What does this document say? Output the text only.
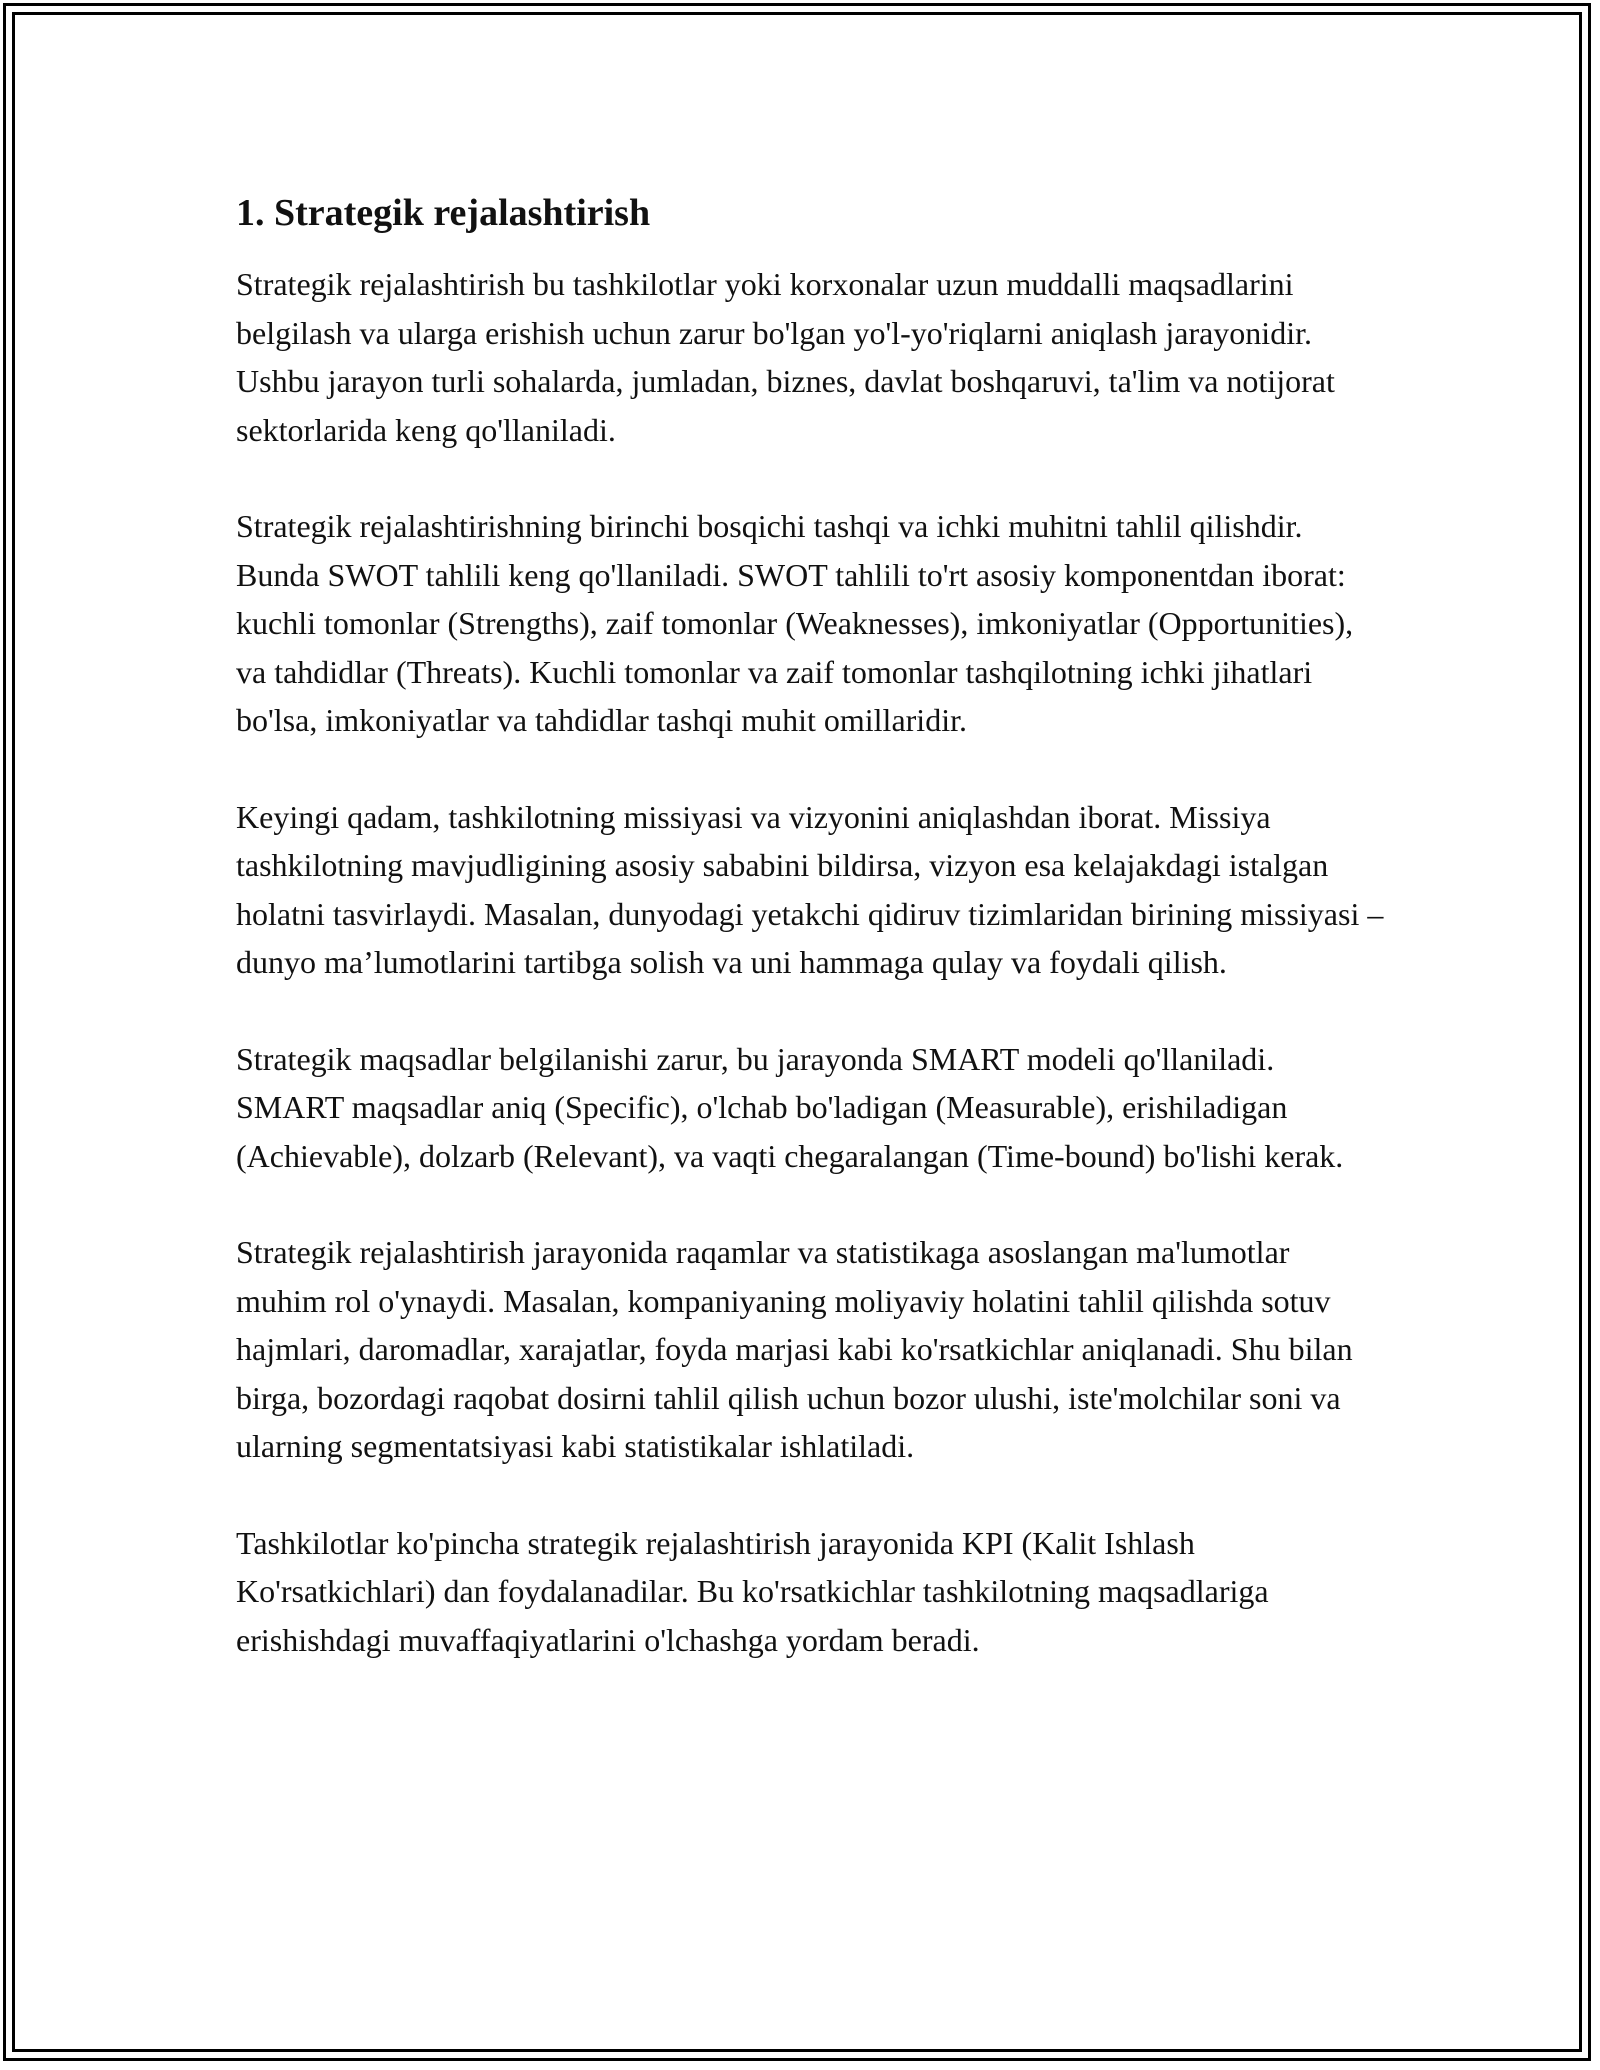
1. Strategik rejalashtirish

Strategik rejalashtirish bu tashkilotlar yoki korxonalar uzun muddalli maqsadlarini belgilash va ularga erishish uchun zarur bo'lgan yo'l-yo'riqlarni aniqlash jarayonidir. Ushbu jarayon turli sohalarda, jumladan, biznes, davlat boshqaruvi, ta'lim va notijorat sektorlarida keng qo'llaniladi.

Strategik rejalashtirishning birinchi bosqichi tashqi va ichki muhitni tahlil qilishdir. Bunda SWOT tahlili keng qo'llaniladi. SWOT tahlili to'rt asosiy komponentdan iborat: kuchli tomonlar (Strengths), zaif tomonlar (Weaknesses), imkoniyatlar (Opportunities), va tahdidlar (Threats). Kuchli tomonlar va zaif tomonlar tashqilotning ichki jihatlari bo'lsa, imkoniyatlar va tahdidlar tashqi muhit omillaridir.

Keyingi qadam, tashkilotning missiyasi va vizyonini aniqlashdan iborat. Missiya tashkilotning mavjudligining asosiy sababini bildirsa, vizyon esa kelajakdagi istalgan holatni tasvirlaydi. Masalan, dunyodagi yetakchi qidiruv tizimlaridan birining missiyasi – dunyo ma’lumotlarini tartibga solish va uni hammaga qulay va foydali qilish.

Strategik maqsadlar belgilanishi zarur, bu jarayonda SMART modeli qo'llaniladi. SMART maqsadlar aniq (Specific), o'lchab bo'ladigan (Measurable), erishiladigan (Achievable), dolzarb (Relevant), va vaqti chegaralangan (Time-bound) bo'lishi kerak.

Strategik rejalashtirish jarayonida raqamlar va statistikaga asoslangan ma'lumotlar muhim rol o'ynaydi. Masalan, kompaniyaning moliyaviy holatini tahlil qilishda sotuv hajmlari, daromadlar, xarajatlar, foyda marjasi kabi ko'rsatkichlar aniqlanadi. Shu bilan birga, bozordagi raqobat dosirni tahlil qilish uchun bozor ulushi, iste'molchilar soni va ularning segmentatsiyasi kabi statistikalar ishlatiladi.

Tashkilotlar ko'pincha strategik rejalashtirish jarayonida KPI (Kalit Ishlash Ko'rsatkichlari) dan foydalanadilar. Bu ko'rsatkichlar tashkilotning maqsadlariga erishishdagi muvaffaqiyatlarini o'lchashga yordam beradi.
